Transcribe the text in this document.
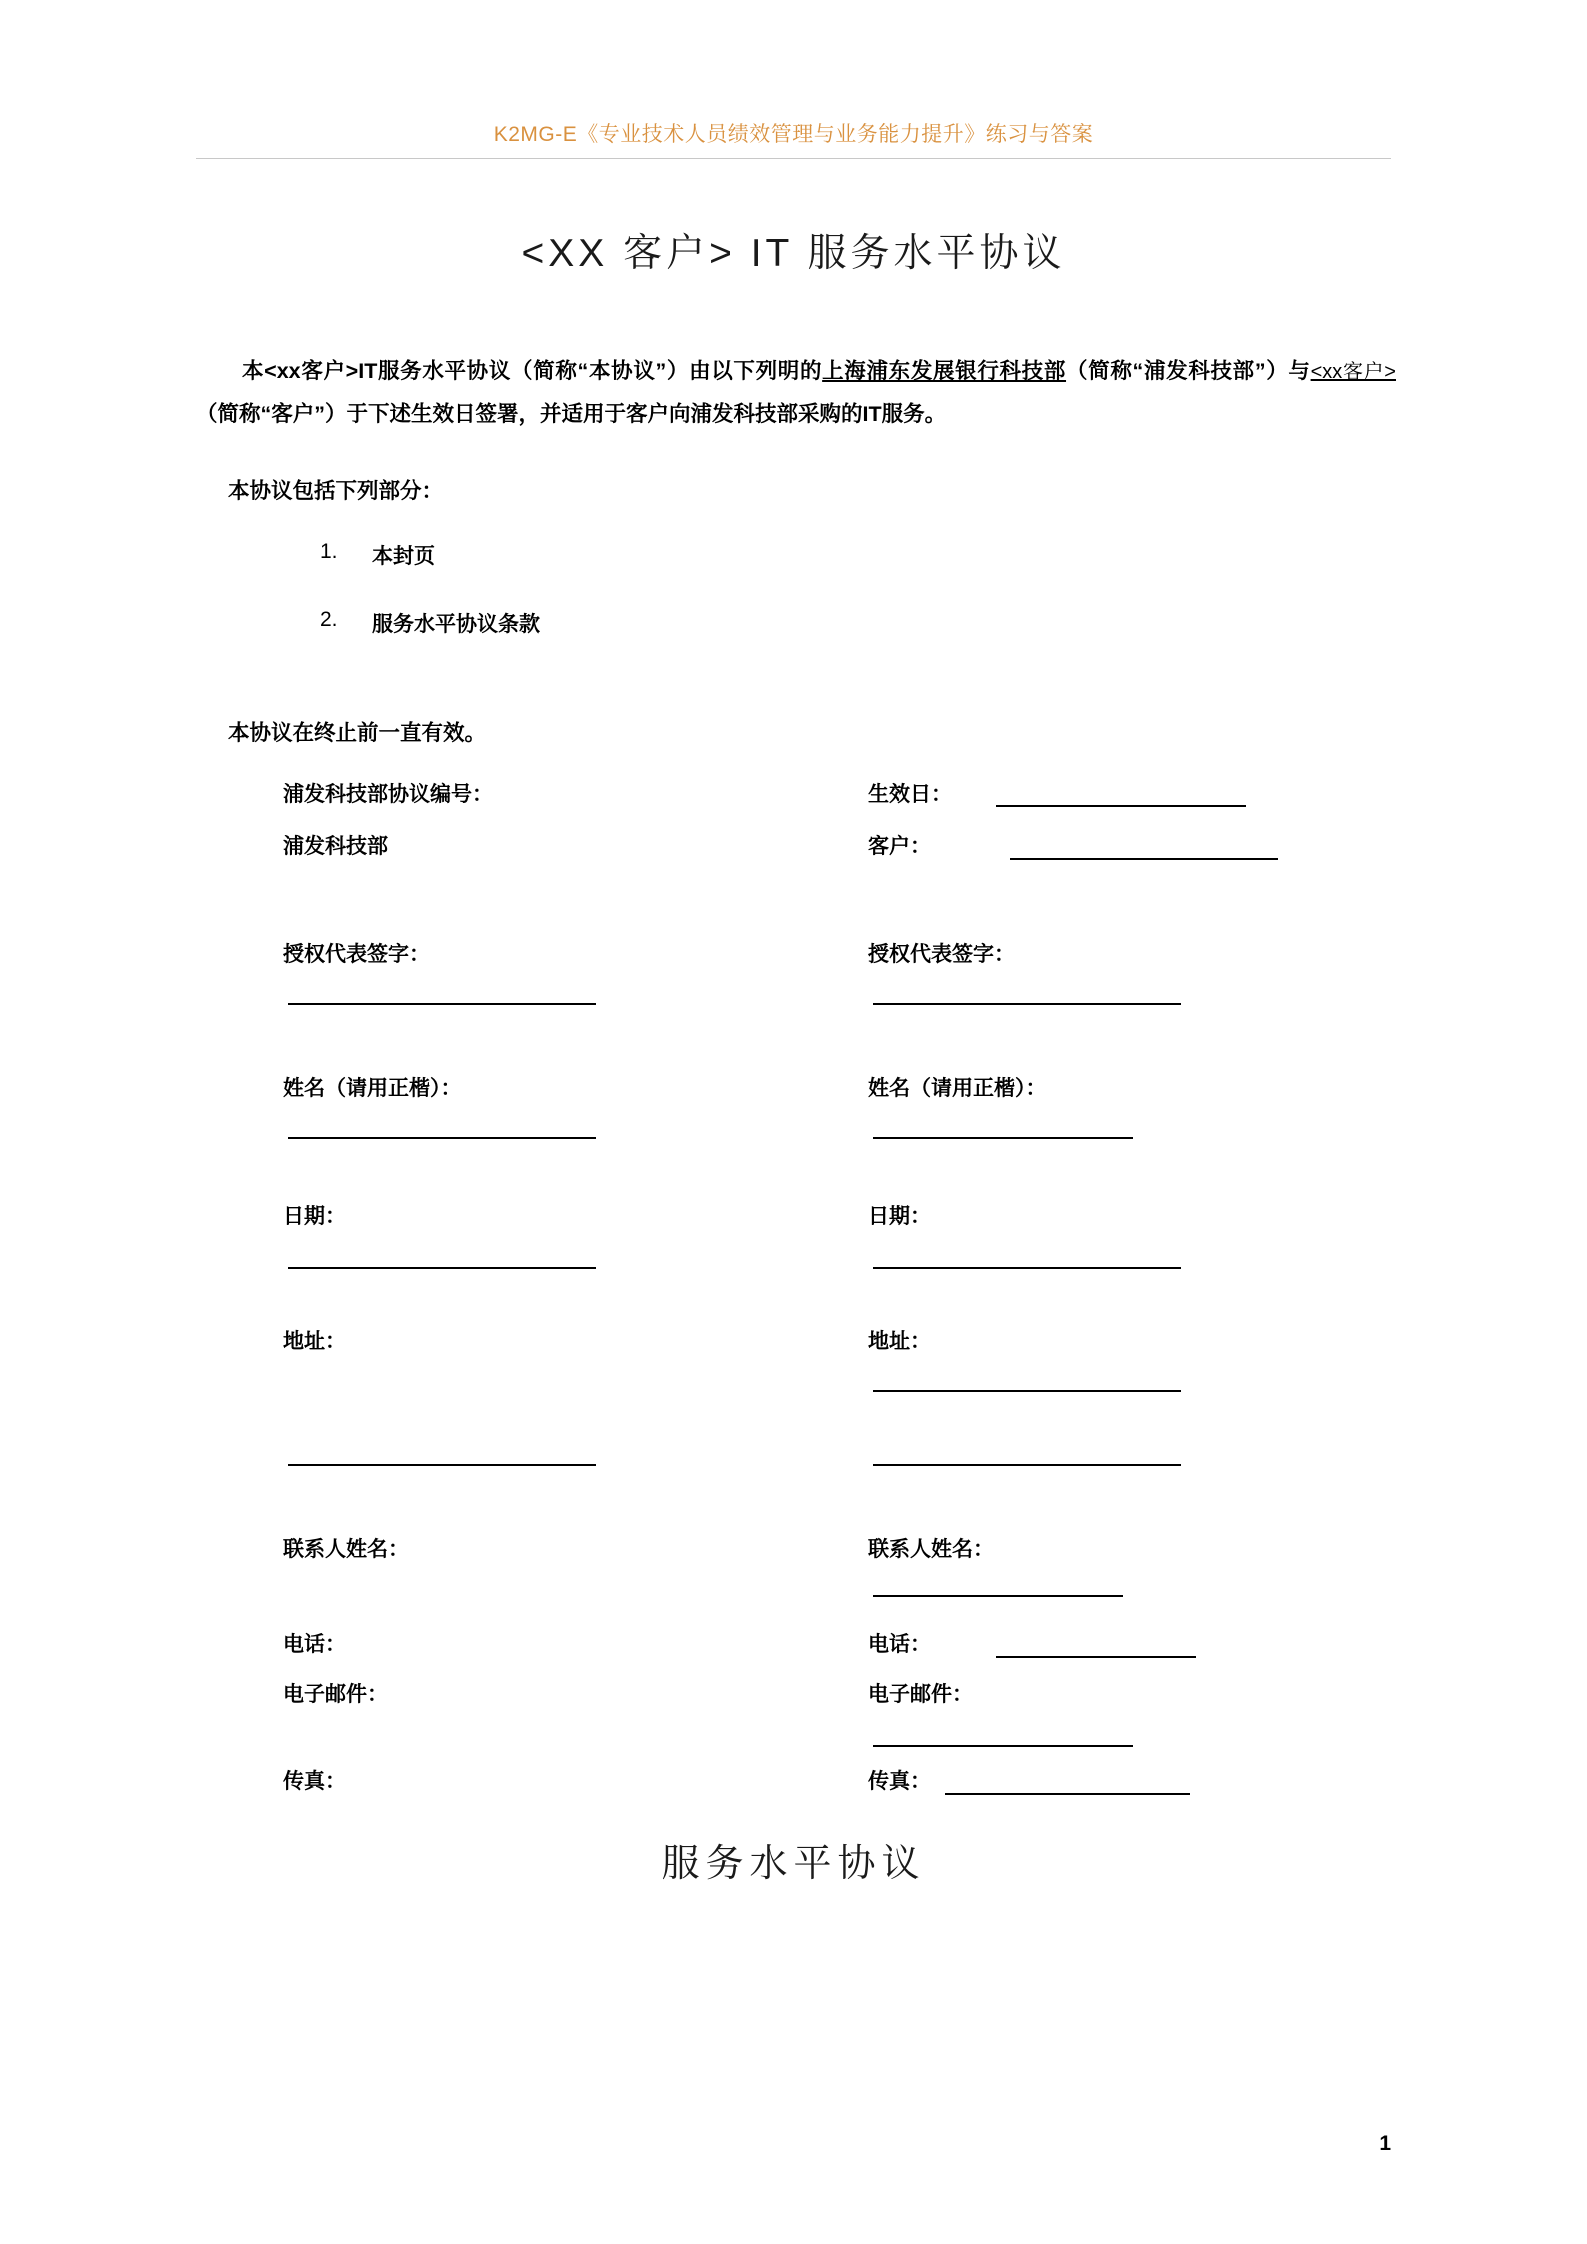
K2MG-E《专业技术人员绩效管理与业务能力提升》练习与答案
<XX 客户> IT 服务水平协议
本<xx客户>IT服务水平协议（简称“本协议”）由以下列明的上海浦东发展银行科技部（简称“浦发科技部”）与<xx客户>（简称“客户”）于下述生效日签署，并适用于客户向浦发科技部采购的IT服务。
本协议包括下列部分：
1. 本封页
2. 服务水平协议条款
本协议在终止前一直有效。
浦发科技部协议编号：
浦发科技部
授权代表签字：
姓名（请用正楷）：
日期：
地址：
联系人姓名：
电话：
电子邮件：
传真：
生效日：
客户：
授权代表签字：
姓名（请用正楷）：
日期：
地址：
联系人姓名：
电话：
电子邮件：
传真：
服务水平协议
1
